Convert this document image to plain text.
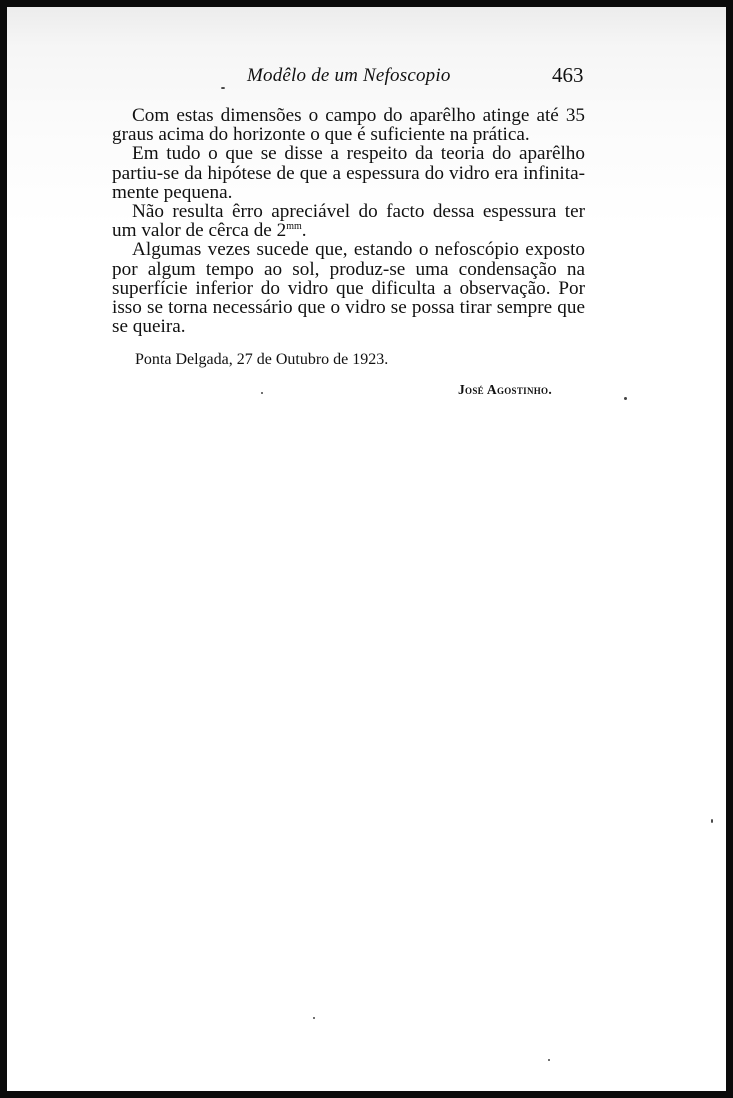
Modêlo de um Nefoscopio	463

Com estas dimensões o campo do aparêlho atinge até 35 graus acima do horizonte o que é suficiente na prática.

Em tudo o que se disse a respeito da teoria do aparêlho partiu-se da hipótese de que a espessura do vidro era infinita-mente pequena.

Não resulta êrro apreciável do facto dessa espessura ter um valor de cêrca de $2^{mm}$.

Algumas vezes sucede que, estando o nefoscópio exposto por algum tempo ao sol, produz-se uma condensação na superfície inferior do vidro que dificulta a observação. Por isso se torna necessário que o vidro se possa tirar sempre que se queira.

Ponta Delgada, 27 de Outubro de 1923.
José Agostinho.
